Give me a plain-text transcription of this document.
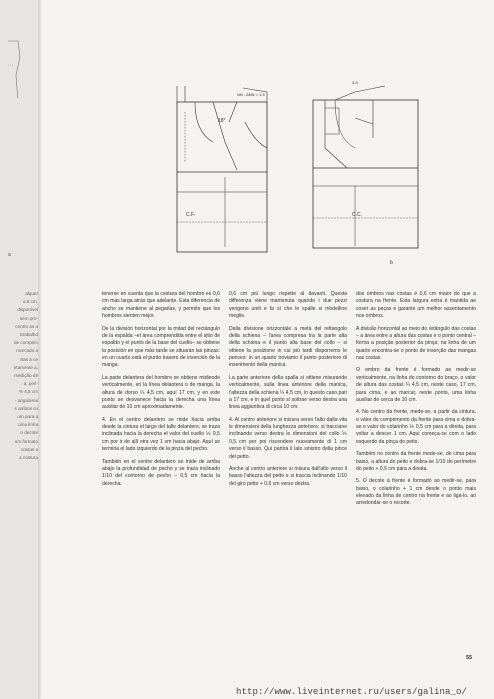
a
alquer
a 6 cm,
disponível
sem pro-
centro as a
ttrabalhd
de comprim
marcado a
tras a ce
ntamente a,
medição de
a, perl-
% 4,5 cm
- angulares
s ambos co
om para a
uma linha
o decote
om formato
costas e
a costura
18°
NN - ANN = 1.5
C.F.
3-5
C.C.
b

tenerse en cuenta que la costura del hombro es 0,6 cm más larga atrás que adelante. Esta diferencia de ancho se mantiene al pegarlas, y permite que los hombros sienten mejor.

De la división horizontal por la mitad del rectángulo de la espalda –el área comprendida entre el sitio de espaldo y el punto de la base del cuello– se obtiene la posición en que más tarde se situarán las pinzas: en un cuarto está el punto trasero de inserción de la manga.

La parte delantera del hombro se obtiene midiendo verticalmente, en la línea delantera o de manga, la altura de dorso ¼ 4,5 cm, aquí 17 cm, y en este punto se desvanece hacia la derecha una línea auxiliar de 10 cm aproximadamente.

4. En el centro delantero se mide hacia arriba desde la cintura el largo del talle delantero, se traza inclinada hacia la derecha el valor del cuello ⅙ 0,5 cm por ir de allí otra vez 1 cm hacia abajo. Aquí se termina el lado izquierdo de la pinza del pecho.

También en el centro delantero se mide de arriba abajo la profundidad de pecho y se traza inclinado 1/10 del contorno de pecho – 0,5 cm hacia la derecha.

0,6 cm più lungo rispetto al davanti. Questa differenza viene mantenuta quando i due pezzi vengono uniti e fa sì che le spalle si modellino meglio.

Dalla divisione orizzontale a metà del rettangolo della schiena – l'area compresa tra la parte alta della schiena e il punto alla base del collo – si ottiene la posizione in cui più tardi disporremo le pences: in un quarto troviamo il punto posteriore di inserimento della manica.

La parte anteriore della spalla si ottiene misurando verticalmente, sulla linea anteriore della manica, l'altezza della schiena ¼ 4,5 cm, in questo caso pari a 17 cm, e in quel punto si sottrae verso destra una linea aggiuntiva di circa 10 cm.

4. Al centro anteriore si misura verso l'alto dalla vita le dimensioni della lunghezza anteriore, si tracciano inclinando verso destra le dimensioni del collo ⅙ 0,5 cm per poi riscendere nuovamente di 1 cm verso il basso. Qui partirà il lato sinistro della pince del petto.

Anche al centro anteriore si misura dall'alto verso il basso l'altezza del petto e si traccia inclinando 1/10 del giro petto + 0,6 cm verso destra.

dos ombros nas costas é 0,6 cm maior do que a costura na frente. Esta largura extra é mantida ao coser as peças e garante um melhor assentamento nos ombros.

A divisão horizontal ao meio do retângulo das costas – a área entre a altura das costas e o ponto central – forma a posição posterior da pinça; na linha de um quarto encontra-se o ponto de inserção das mangas nas costas.

O ombro da frente é formado ao medir-se verticalmente, na linha do contorno do braço, o valor de altura das costas ¼ 4,5 cm, neste caso, 17 cm, para cima, e ao marcar, neste ponto, uma linha auxiliar de cerca de 10 cm.

4. No centro da frente, mede-se, a partir da cintura, o valor do comprimento da frente para cima e dobra-se o valor do colarinho ⅙ 0,5 cm para a direita, para voltar a descer 1 cm. Aqui começa-se com o lado esquerdo da pinça do peito.

Também no centro da frente mede-se, de cima para baixo, a altura do peito e dobra-se 1/10 do perímetro do peito + 0,5 cm para a direita.

5. O decote à frente é formado ao medir-se, para baixo, o colarinho + 1 cm desde o ponto mais elevado da linha de centro na frente e ao ligá-lo, ao arredondar-se o recorte.

55
http://www.liveinternet.ru/users/galina_o/
